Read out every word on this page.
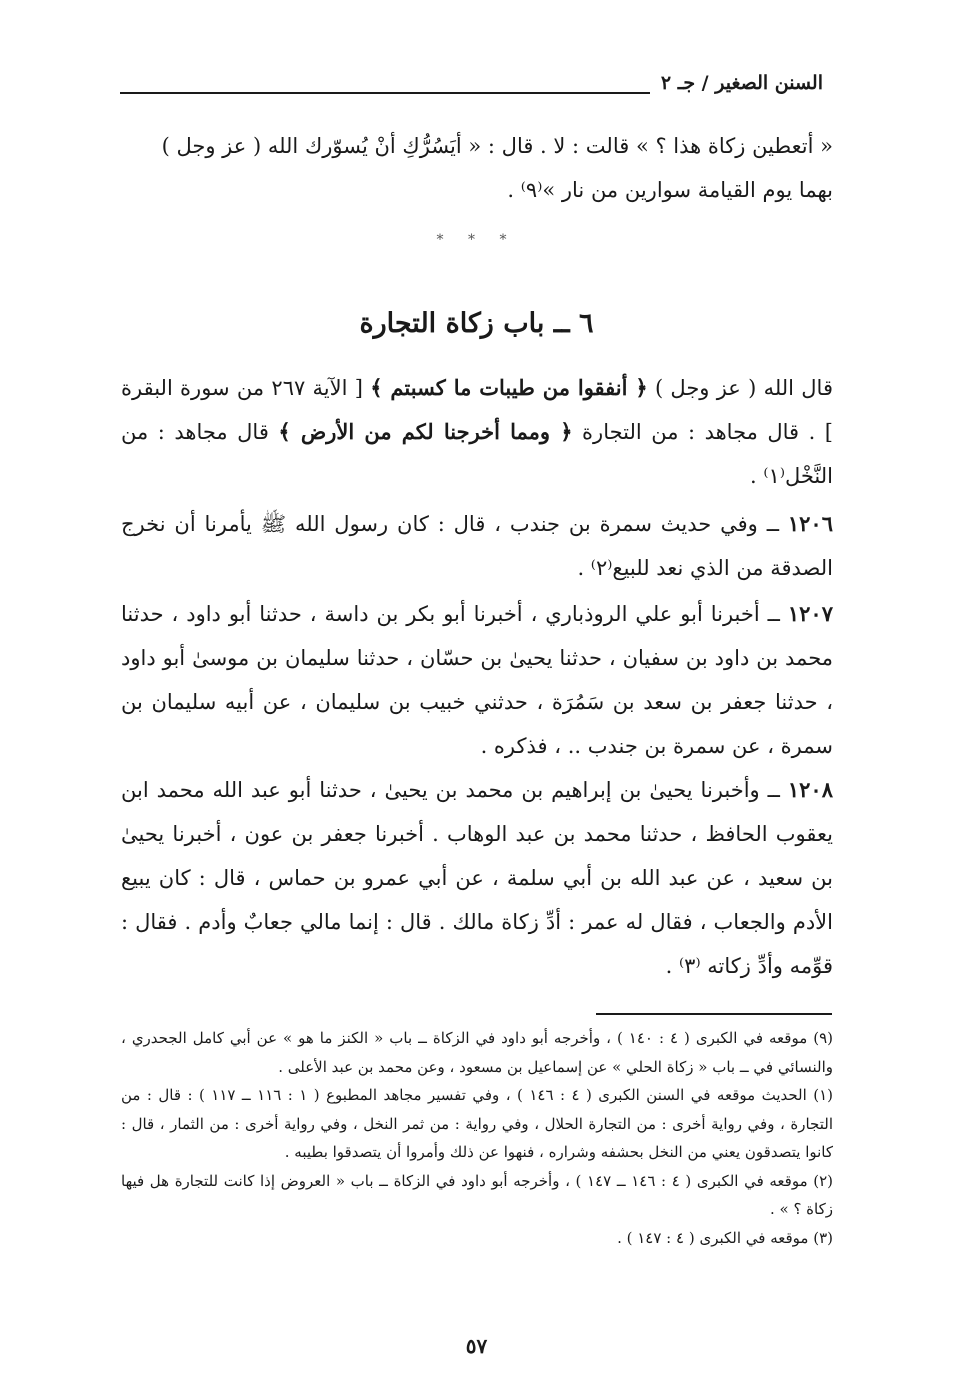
السنن الصغير / جـ ٢

« أتعطين زكاة هذا ؟ » قالت : لا . قال : « أيَسُرُّكِ أنْ يُسوّرك الله ( عز وجل )

بهما يوم القيامة سوارين من نار »⁽٩⁾ .

* * *
٦ ــ باب زكاة التجارة

قال الله ( عز وجل ) ﴿ أنفقوا من طيبات ما كسبتم ﴾ [ الآية ٢٦٧ من سورة البقرة ] . قال مجاهد : من التجارة ﴿ ومما أخرجنا لكم من الأرض ﴾ قال مجاهد : من النَّخْل⁽١⁾ .

١٢٠٦ ــ وفي حديث سمرة بن جندب ، قال : كان رسول الله ﷺ يأمرنا أن نخرج الصدقة من الذي نعد للبيع⁽٢⁾ .

١٢٠٧ ــ أخبرنا أبو علي الروذباري ، أخبرنا أبو بكر بن داسة ، حدثنا أبو داود ، حدثنا محمد بن داود بن سفيان ، حدثنا يحيىٰ بن حسّان ، حدثنا سليمان بن موسىٰ أبو داود ، حدثنا جعفر بن سعد بن سَمُرَة ، حدثني خبيب بن سليمان ، عن أبيه سليمان بن سمرة ، عن سمرة بن جندب .. ، فذكره .

١٢٠٨ ــ وأخبرنا يحيىٰ بن إبراهيم بن محمد بن يحيىٰ ، حدثنا أبو عبد الله محمد ابن يعقوب الحافظ ، حدثنا محمد بن عبد الوهاب . أخبرنا جعفر بن عون ، أخبرنا يحيىٰ بن سعيد ، عن عبد الله بن أبي سلمة ، عن أبي عمرو بن حماس ، قال : كان يبيع الأدم والجعاب ، فقال له عمر : أدِّ زكاة مالك . قال : إنما مالي جعابٌ وأدم . فقال : قوِّمه وأدِّ زكاته ⁽٣⁾ .

(٩) موقعه في الكبرى ( ٤ : ١٤٠ ) ، وأخرجه أبو داود في الزكاة ــ باب « الكنز ما هو » عن أبي كامل الجحدري ، والنسائي في ــ باب « زكاة الحلي » عن إسماعيل بن مسعود ، وعن محمد بن عبد الأعلى .

(١) الحديث موقعه في السنن الكبرى ( ٤ : ١٤٦ ) ، وفي تفسير مجاهد المطبوع ( ١ : ١١٦ ــ ١١٧ ) : قال : من التجارة ، وفي رواية أخرى : من التجارة الحلال ، وفي رواية : من ثمر النخل ، وفي رواية أخرى : من الثمار ، قال : كانوا يتصدقون يعني من النخل بحشفه وشراره ، فنهوا عن ذلك وأمروا أن يتصدقوا بطيبه .

(٢) موقعه في الكبرى ( ٤ : ١٤٦ ــ ١٤٧ ) ، وأخرجه أبو داود في الزكاة ــ باب « العروض إذا كانت للتجارة هل فيها زكاة ؟ » .

(٣) موقعه في الكبرى ( ٤ : ١٤٧ ) .

٥٧
